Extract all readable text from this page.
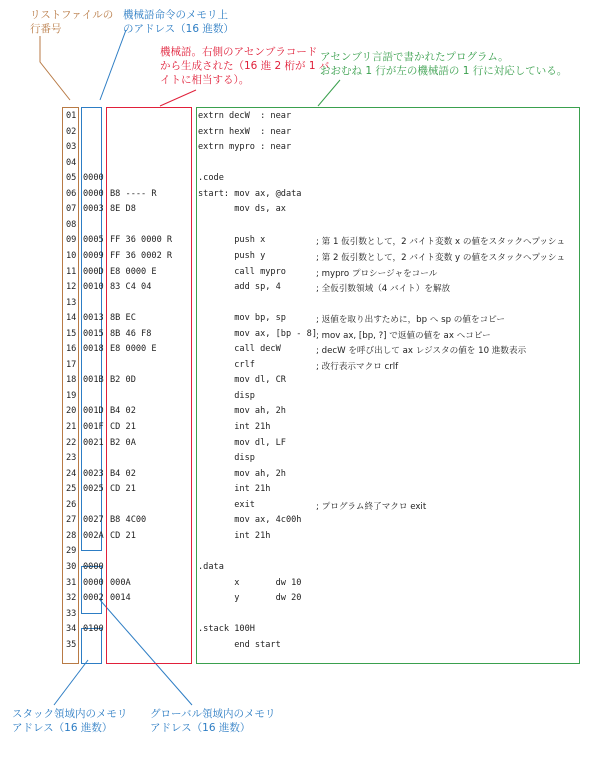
リストファイルの
行番号
機械語命令のメモリ上
のアドレス（16 進数）
機械語。右側のアセンブラコード
から生成された（16 進 2 桁が 1 バ
イトに相当する）。
アセンブリ言語で書かれたプログラム。
おおむね 1 行が左の機械語の 1 行に対応している。
スタック領域内のメモリ
アドレス（16 進数）
グローバル領域内のメモリ
アドレス（16 進数）
01	extrn decW  : near
02	extrn hexW  : near
03	extrn mypro : near
04
05 0000	.code
06 0000 B8 ---- R	start: mov ax, @data
07 0003 8E D8	mov ds, ax
08
09 0005 FF 36 0000 R	push x	; 第 1 仮引数として，2 バイト変数 x の値をスタックへプッシュ
10 0009 FF 36 0002 R	push y	; 第 2 仮引数として，2 バイト変数 y の値をスタックへプッシュ
11 000D E8 0000 E	call mypro	; mypro プロシージャをコール
12 0010 83 C4 04	add sp, 4	; 全仮引数領域（4 バイト）を解放
13
14 0013 8B EC	mov bp, sp	; 返値を取り出すために，bp へ sp の値をコピー
15 0015 8B 46 F8	mov ax, [bp - 8] ; mov ax, [bp, ?] で返値の値を ax へコピー
16 0018 E8 0000 E	call decW	; decW を呼び出して ax レジスタの値を 10 進数表示
17	crlf	; 改行表示マクロ crlf
18 001B B2 0D	mov dl, CR
19	disp
20 001D B4 02	mov ah, 2h
21 001F CD 21	int 21h
22 0021 B2 0A	mov dl, LF
23	disp
24 0023 B4 02	mov ah, 2h
25 0025 CD 21	int 21h
26	exit	; プログラム終了マクロ exit
27 0027 B8 4C00	mov ax, 4c00h
28 002A CD 21	int 21h
29
30 0000	.data
31 0000 000A	x       dw 10
32 0002 0014	y       dw 20
33
34 0100	.stack 100H
35	end start
